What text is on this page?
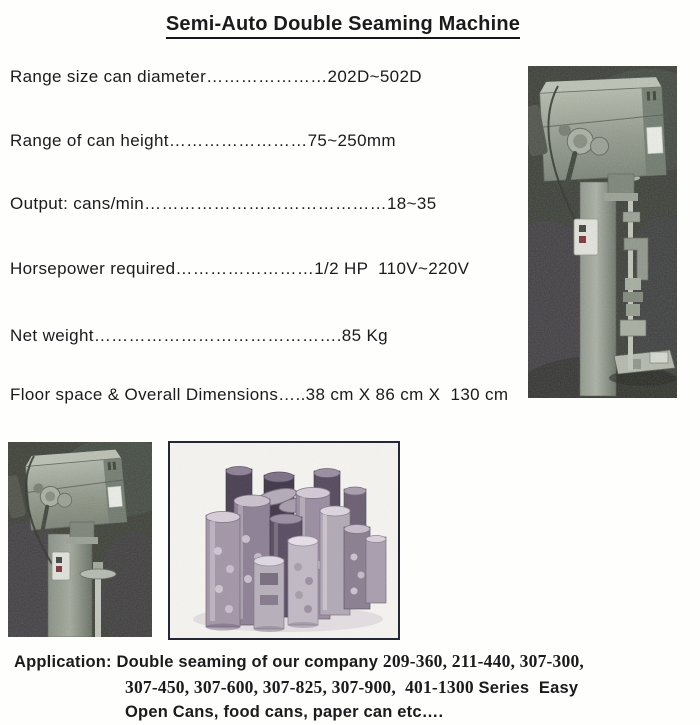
Semi-Auto Double Seaming Machine
Range size can diameter…………………202D~502D
Range of can height……………………75~250mm
Output: cans/min……………………………………18~35
Horsepower required……………………1/2 HP  110V~220V
Net weight…………………………………….85 Kg
Floor space & Overall Dimensions…..38 cm X 86 cm X  130 cm
Application: Double seaming of our company 209-360, 211-440, 307-300,
307-450, 307-600, 307-825, 307-900,  401-1300 Series  Easy
Open Cans, food cans, paper can etc….
